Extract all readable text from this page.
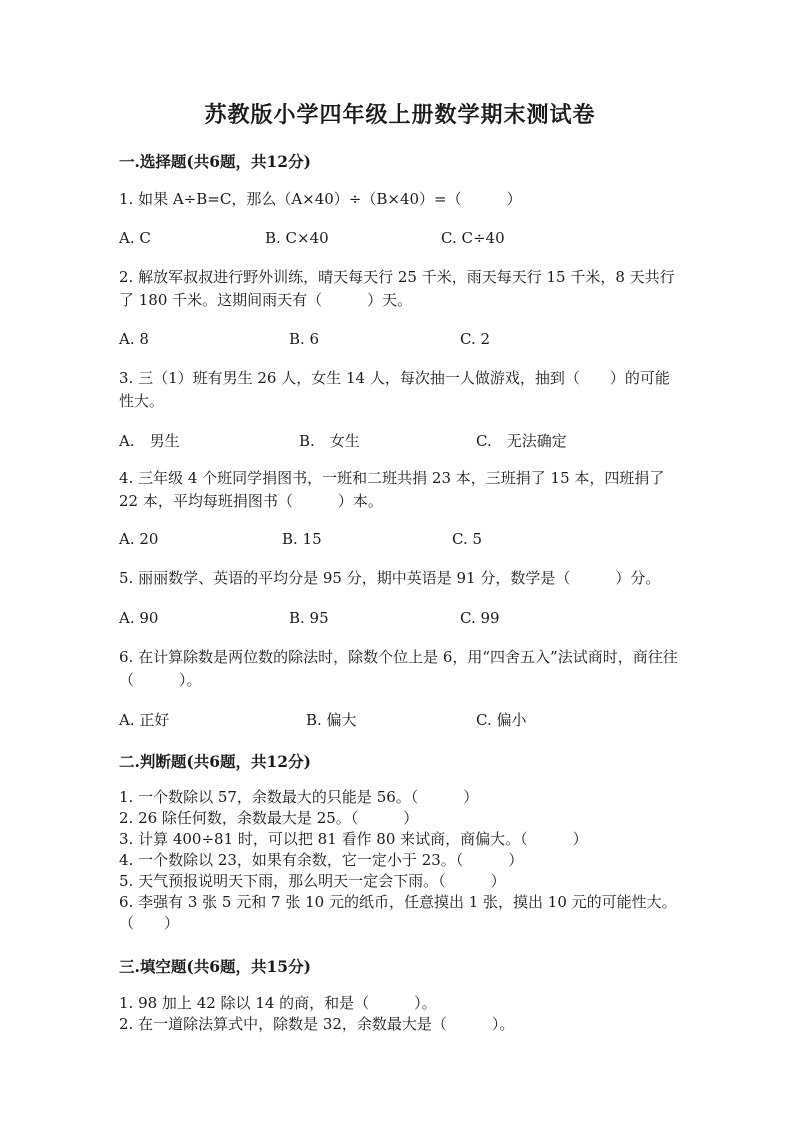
苏教版小学四年级上册数学期末测试卷
一.选择题(共6题，共12分)
1. 如果 A÷B=C，那么（A×40）÷（B×40）=（　　　）
A. C	B. C×40	C. C÷40
2. 解放军叔叔进行野外训练，晴天每天行 25 千米，雨天每天行 15 千米，8 天共行了 180 千米。这期间雨天有（　　　）天。
A. 8	B. 6	C. 2
3. 三（1）班有男生 26 人，女生 14 人，每次抽一人做游戏，抽到（　　）的可能性大。
A.　男生	B.　女生	C.　无法确定
4. 三年级 4 个班同学捐图书，一班和二班共捐 23 本，三班捐了 15 本，四班捐了 22 本，平均每班捐图书（　　　）本。
A. 20	B. 15	C. 5
5. 丽丽数学、英语的平均分是 95 分，期中英语是 91 分，数学是（　　　）分。
A. 90	B. 95	C. 99
6. 在计算除数是两位数的除法时，除数个位上是 6，用“四舍五入”法试商时，商往往（　　　）。
A. 正好	B. 偏大	C. 偏小
二.判断题(共6题，共12分)
1. 一个数除以 57，余数最大的只能是 56。（　　　）
2. 26 除任何数，余数最大是 25。（　　　）
3. 计算 400÷81 时，可以把 81 看作 80 来试商，商偏大。（　　　）
4. 一个数除以 23，如果有余数，它一定小于 23。（　　　）
5. 天气预报说明天下雨，那么明天一定会下雨。（　　　）
6. 李强有 3 张 5 元和 7 张 10 元的纸币，任意摸出 1 张，摸出 10 元的可能性大。　　　（　　）
三.填空题(共6题，共15分)
1. 98 加上 42 除以 14 的商，和是（　　　）。
2. 在一道除法算式中，除数是 32，余数最大是（　　　）。
